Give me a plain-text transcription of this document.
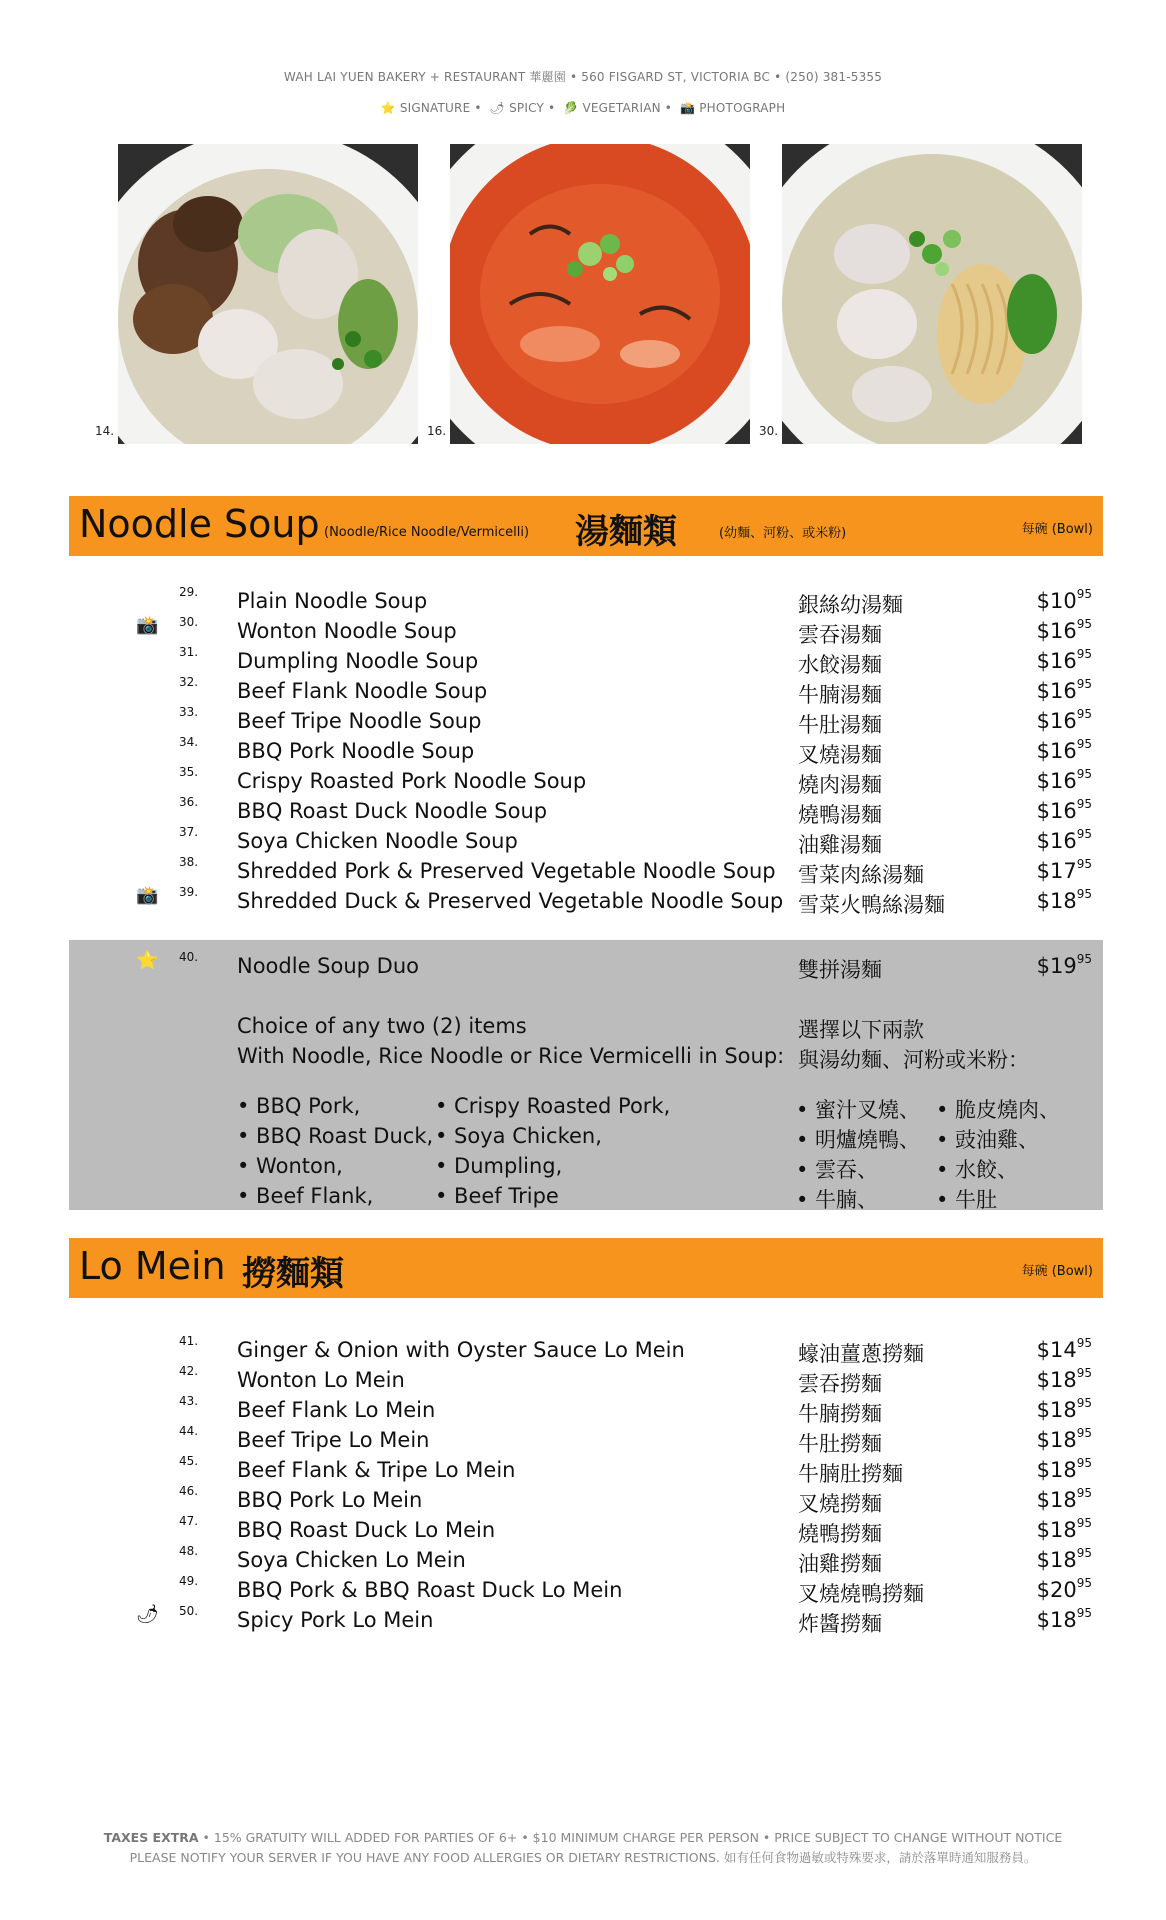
WAH LAI YUEN BAKERY + RESTAURANT 華麗園 • 560 FISGARD ST, VICTORIA BC • (250) 381-5355
⭐ SIGNATURE • 🌶 SPICY • 🥬 VEGETARIAN • 📸 PHOTOGRAPH
14.	16.	30.
Noodle Soup (Noodle/Rice Noodle/Vermicelli) 湯麵類	(幼麵、河粉、或米粉)	每碗 (Bowl)
29. Plain Noodle Soup	銀絲幼湯麵	$\$10^{95}$
📸 30. Wonton Noodle Soup	雲吞湯麵	$\$16^{95}$
31. Dumpling Noodle Soup	水餃湯麵	$\$16^{95}$
32. Beef Flank Noodle Soup	牛腩湯麵	$\$16^{95}$
33. Beef Tripe Noodle Soup	牛肚湯麵	$\$16^{95}$
34. BBQ Pork Noodle Soup	叉燒湯麵	$\$16^{95}$
35. Crispy Roasted Pork Noodle Soup	燒肉湯麵	$\$16^{95}$
36. BBQ Roast Duck Noodle Soup	燒鴨湯麵	$\$16^{95}$
37. Soya Chicken Noodle Soup	油雞湯麵	$\$16^{95}$
38. Shredded Pork & Preserved Vegetable Noodle Soup 雪菜肉絲湯麵	$\$17^{95}$
📸 39. Shredded Duck & Preserved Vegetable Noodle Soup 雪菜火鴨絲湯麵	$\$18^{95}$
⭐ 40. Noodle Soup Duo	雙拼湯麵	$\$19^{95}$
Choice of any two (2) items
With Noodle, Rice Noodle or Rice Vermicelli in Soup:
選擇以下兩款
與湯幼麵、河粉或米粉：
• BBQ Pork,
• BBQ Roast Duck,
• Wonton,
• Beef Flank,
• Crispy Roasted Pork,
• Soya Chicken,
• Dumpling,
• Beef Tripe
• 蜜汁叉燒、
• 明爐燒鴨、
• 雲吞、
• 牛腩、
• 脆皮燒肉、
• 豉油雞、
• 水餃、
• 牛肚
Lo Mein 撈麵類	每碗 (Bowl)
41. Ginger & Onion with Oyster Sauce Lo Mein	蠔油薑蔥撈麵	$\$14^{95}$
42. Wonton Lo Mein	雲吞撈麵	$\$18^{95}$
43. Beef Flank Lo Mein	牛腩撈麵	$\$18^{95}$
44. Beef Tripe Lo Mein	牛肚撈麵	$\$18^{95}$
45. Beef Flank & Tripe Lo Mein	牛腩肚撈麵	$\$18^{95}$
46. BBQ Pork Lo Mein	叉燒撈麵	$\$18^{95}$
47. BBQ Roast Duck Lo Mein	燒鴨撈麵	$\$18^{95}$
48. Soya Chicken Lo Mein	油雞撈麵	$\$18^{95}$
49. BBQ Pork & BBQ Roast Duck Lo Mein	叉燒燒鴨撈麵	$\$20^{95}$
🌶 50. Spicy Pork Lo Mein	炸醬撈麵	$\$18^{95}$
TAXES EXTRA • 15% GRATUITY WILL ADDED FOR PARTIES OF 6+ • $10 MINIMUM CHARGE PER PERSON • PRICE SUBJECT TO CHANGE WITHOUT NOTICE
PLEASE NOTIFY YOUR SERVER IF YOU HAVE ANY FOOD ALLERGIES OR DIETARY RESTRICTIONS. 如有任何食物過敏或特殊要求，請於落單時通知服務員。
